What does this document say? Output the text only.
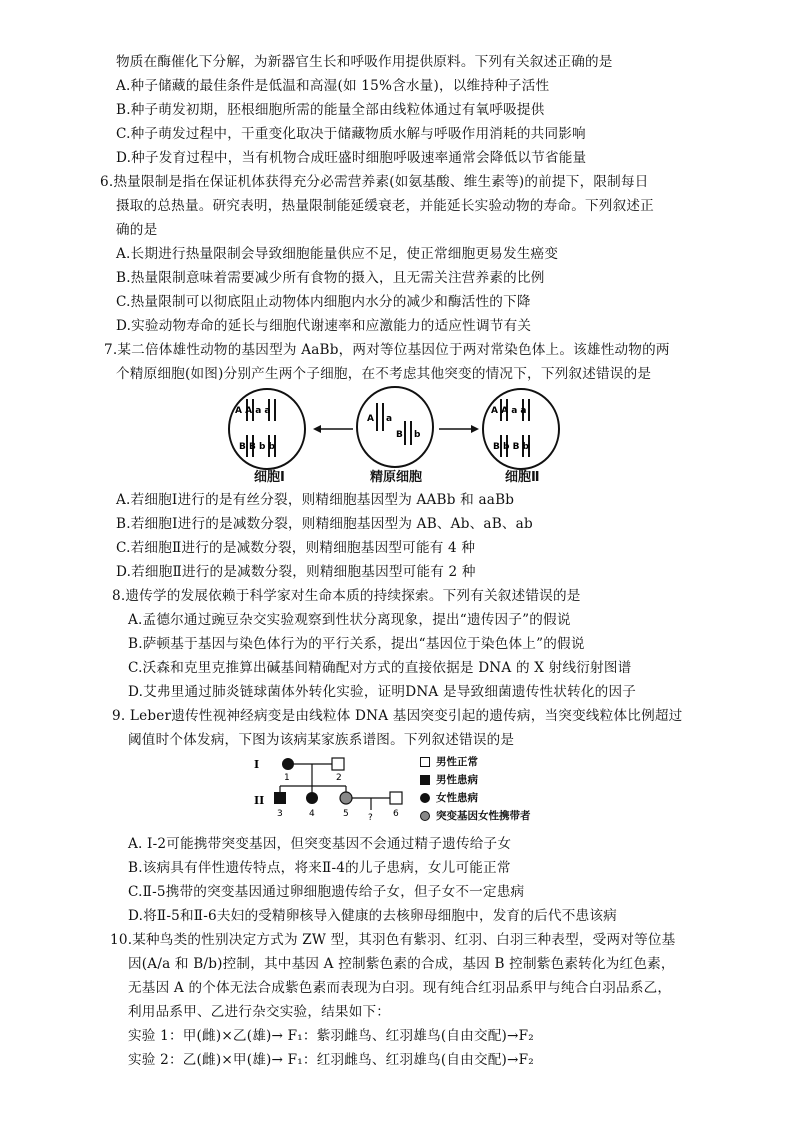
物质在酶催化下分解，为新器官生长和呼吸作用提供原料。下列有关叙述正确的是
A.种子储藏的最佳条件是低温和高湿(如 15%含水量)，以维持种子活性
B.种子萌发初期，胚根细胞所需的能量全部由线粒体通过有氧呼吸提供
C.种子萌发过程中，干重变化取决于储藏物质水解与呼吸作用消耗的共同影响
D.种子发育过程中，当有机物合成旺盛时细胞呼吸速率通常会降低以节省能量
6.热量限制是指在保证机体获得充分必需营养素(如氨基酸、维生素等)的前提下，限制每日
摄取的总热量。研究表明，热量限制能延缓衰老，并能延长实验动物的寿命。下列叙述正
确的是
A.长期进行热量限制会导致细胞能量供应不足，使正常细胞更易发生癌变
B.热量限制意味着需要减少所有食物的摄入，且无需关注营养素的比例
C.热量限制可以彻底阻止动物体内细胞内水分的减少和酶活性的下降
D.实验动物寿命的延长与细胞代谢速率和应激能力的适应性调节有关
7.某二倍体雄性动物的基因型为 AaBb，两对等位基因位于两对常染色体上。该雄性动物的两
个精原细胞(如图)分别产生两个子细胞，在不考虑其他突变的情况下，下列叙述错误的是
A A a a
B B b b
A a
B b
A A a a
B b B b
细胞Ⅰ	精原细胞	细胞Ⅱ
A.若细胞Ⅰ进行的是有丝分裂，则精细胞基因型为 AABb 和 aaBb
B.若细胞Ⅰ进行的是减数分裂，则精细胞基因型为 AB、Ab、aB、ab
C.若细胞Ⅱ进行的是减数分裂，则精细胞基因型可能有 4 种
D.若细胞Ⅱ进行的是减数分裂，则精细胞基因型可能有 2 种
8.遗传学的发展依赖于科学家对生命本质的持续探索。下列有关叙述错误的是
A.孟德尔通过豌豆杂交实验观察到性状分离现象，提出“遗传因子”的假说
B.萨顿基于基因与染色体行为的平行关系，提出“基因位于染色体上”的假说
C.沃森和克里克推算出碱基间精确配对方式的直接依据是 DNA 的 X 射线衍射图谱
D.艾弗里通过肺炎链球菌体外转化实验，证明DNA 是导致细菌遗传性状转化的因子
9. Leber遗传性视神经病变是由线粒体 DNA 基因突变引起的遗传病，当突变线粒体比例超过
阈值时个体发病，下图为该病某家族系谱图。下列叙述错误的是
I
II
1	2
3	4	5	6
?
男性正常
男性患病
女性患病
突变基因女性携带者
A. I-2可能携带突变基因，但突变基因不会通过精子遗传给子女
B.该病具有伴性遗传特点，将来Ⅱ-4的儿子患病，女儿可能正常
C.Ⅱ-5携带的突变基因通过卵细胞遗传给子女，但子女不一定患病
D.将Ⅱ-5和Ⅱ-6夫妇的受精卵核导入健康的去核卵母细胞中，发育的后代不患该病
10.某种鸟类的性别决定方式为 ZW 型，其羽色有紫羽、红羽、白羽三种表型，受两对等位基
因(A/a 和 B/b)控制，其中基因 A 控制紫色素的合成，基因 B 控制紫色素转化为红色素，
无基因 A 的个体无法合成紫色素而表现为白羽。现有纯合红羽品系甲与纯合白羽品系乙，
利用品系甲、乙进行杂交实验，结果如下：
实验 1：甲(雌)×乙(雄)→ F₁：紫羽雌鸟、红羽雄鸟(自由交配)→F₂
实验 2：乙(雌)×甲(雄)→ F₁：红羽雌鸟、红羽雄鸟(自由交配)→F₂
